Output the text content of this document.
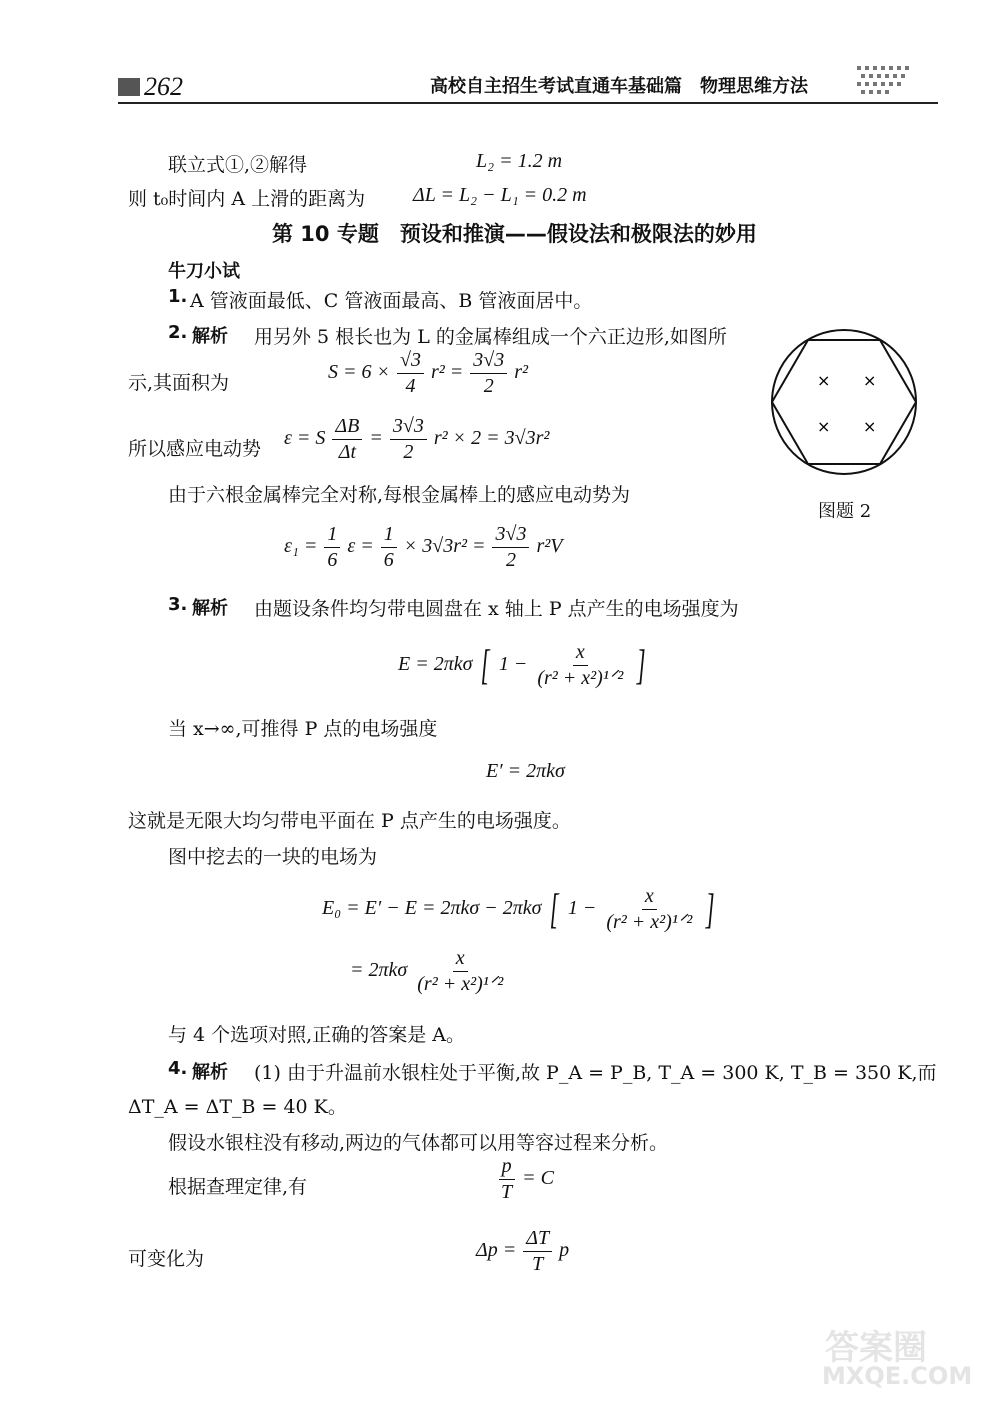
262	高校自主招生考试直通车基础篇　物理思维方法
联立式①,②解得	L₂ = 1.2 m
则 t₀时间内 A 上滑的距离为 ΔL = L₂ − L₁ = 0.2 m
第 10 专题　预设和推演——假设法和极限法的妙用
牛刀小试
1. A 管液面最低、C 管液面最高、B 管液面居中。
2. 解析 用另外 5 根长也为 L 的金属棒组成一个六正边形,如图所
示,其面积为	$S = 6 \times \frac{√3}{4} r^2 = \frac{3√3}{2} r^2$
所以感应电动势 ε = S $\frac{\Delta B}{\Delta t} = \frac{3√3}{2} r^2 \times 2 = 3√3r^2$
由于六根金属棒完全对称,每根金属棒上的感应电动势为
$\varepsilon_1 = \frac{1}{6}$ $\varepsilon = \frac{1}{6} \times 3√3r^2 = \frac{3√3}{2} r^2V$
× ×
× ×
图题 2
3. 解析 由题设条件均匀带电圆盘在 x 轴上 P 点产生的电场强度为
E = 2πkσ [ $1 - \frac{x}{\text{(r² + x²)¹ᐟ²}}$ ]
当 x→∞,可推得 P 点的电场强度
E′ = 2πkσ
这就是无限大均匀带电平面在 P 点产生的电场强度。
图中挖去的一块的电场为
E₀ = E′ − E = 2πkσ − 2πkσ [ $1 - \frac{x}{\text{(r² + x²)¹ᐟ²}}$ ]
= $2\pi k\sigma \frac{x}{\text{(r² + x²)¹ᐟ²}}$
与 4 个选项对照,正确的答案是 A。
4. 解析 (1) 由于升温前水银柱处于平衡,故 P_A = P_B, T_A = 300 K, T_B = 350 K,而
ΔT_A = ΔT_B = 40 K。
假设水银柱没有移动,两边的气体都可以用等容过程来分析。
根据查理定律,有	$\frac{p}{T} = C$
可变化为	$\Delta p = \frac{\Delta T}{T}$ p
答案圈
MXQE.COM
